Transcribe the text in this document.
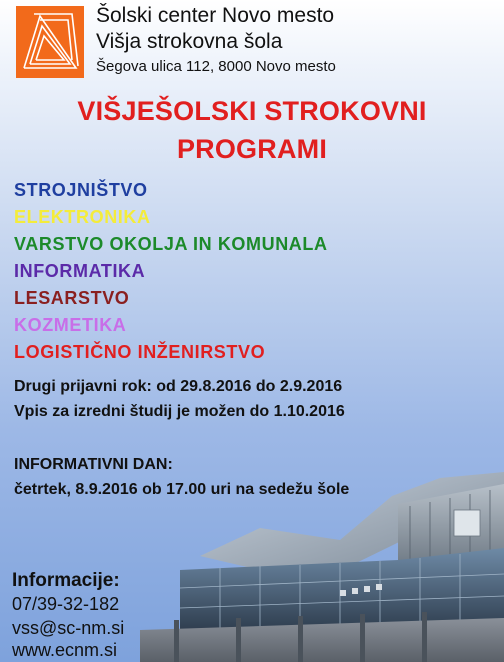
Šolski center Novo mesto
Višja strokovna šola
Šegova ulica 112, 8000 Novo mesto
VIŠJEŠOLSKI STROKOVNI
PROGRAMI
STROJNIŠTVO
ELEKTRONIKA
VARSTVO OKOLJA IN KOMUNALA
INFORMATIKA
LESARSTVO
KOZMETIKA
LOGISTIČNO INŽENIRSTVO
Drugi prijavni rok: od 29.8.2016 do 2.9.2016
Vpis za izredni študij je možen do 1.10.2016
INFORMATIVNI DAN:
četrtek, 8.9.2016 ob 17.00 uri na sedežu šole
Informacije:
07/39-32-182
vss@sc-nm.si
www.ecnm.si
